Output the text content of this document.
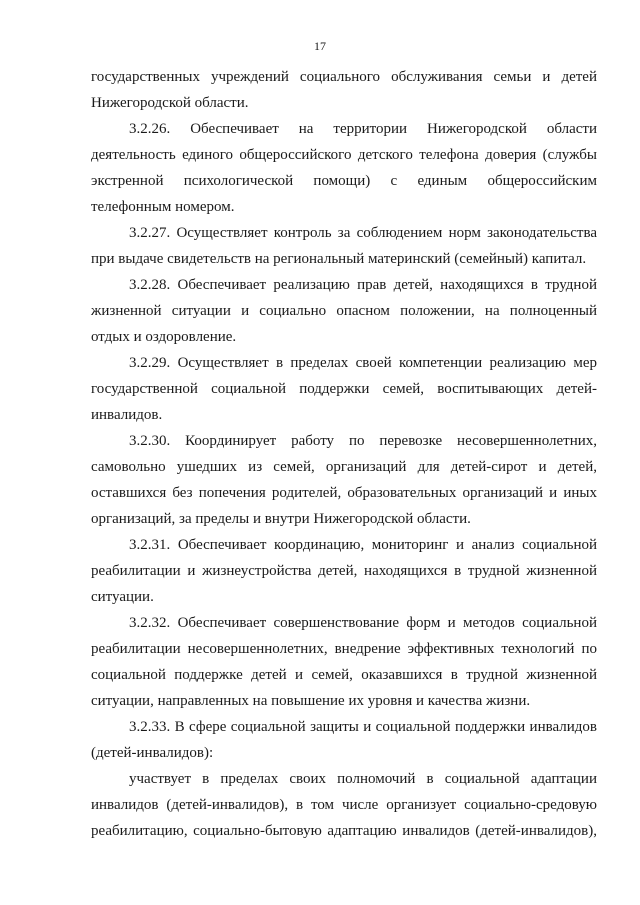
17
государственных учреждений социального обслуживания семьи и детей
Нижегородской области.
3.2.26. Обеспечивает на территории Нижегородской области
деятельность единого общероссийского детского телефона доверия (службы
экстренной психологической помощи) с единым общероссийским
телефонным номером.
3.2.27. Осуществляет контроль за соблюдением норм законодательства
при выдаче свидетельств на региональный материнский (семейный) капитал.
3.2.28. Обеспечивает реализацию прав детей, находящихся в трудной
жизненной ситуации и социально опасном положении, на полноценный
отдых и оздоровление.
3.2.29. Осуществляет в пределах своей компетенции реализацию мер
государственной социальной поддержки семей, воспитывающих детей-
инвалидов.
3.2.30. Координирует работу по перевозке несовершеннолетних,
самовольно ушедших из семей, организаций для детей-сирот и детей,
оставшихся без попечения родителей, образовательных организаций и иных
организаций, за пределы и внутри Нижегородской области.
3.2.31. Обеспечивает координацию, мониторинг и анализ социальной
реабилитации и жизнеустройства детей, находящихся в трудной жизненной
ситуации.
3.2.32. Обеспечивает совершенствование форм и методов социальной
реабилитации несовершеннолетних, внедрение эффективных технологий по
социальной поддержке детей и семей, оказавшихся в трудной жизненной
ситуации, направленных на повышение их уровня и качества жизни.
3.2.33. В сфере социальной защиты и социальной поддержки инвалидов
(детей-инвалидов):
участвует в пределах своих полномочий в социальной адаптации
инвалидов (детей-инвалидов), в том числе организует социально-средовую
реабилитацию, социально-бытовую адаптацию инвалидов (детей-инвалидов),
